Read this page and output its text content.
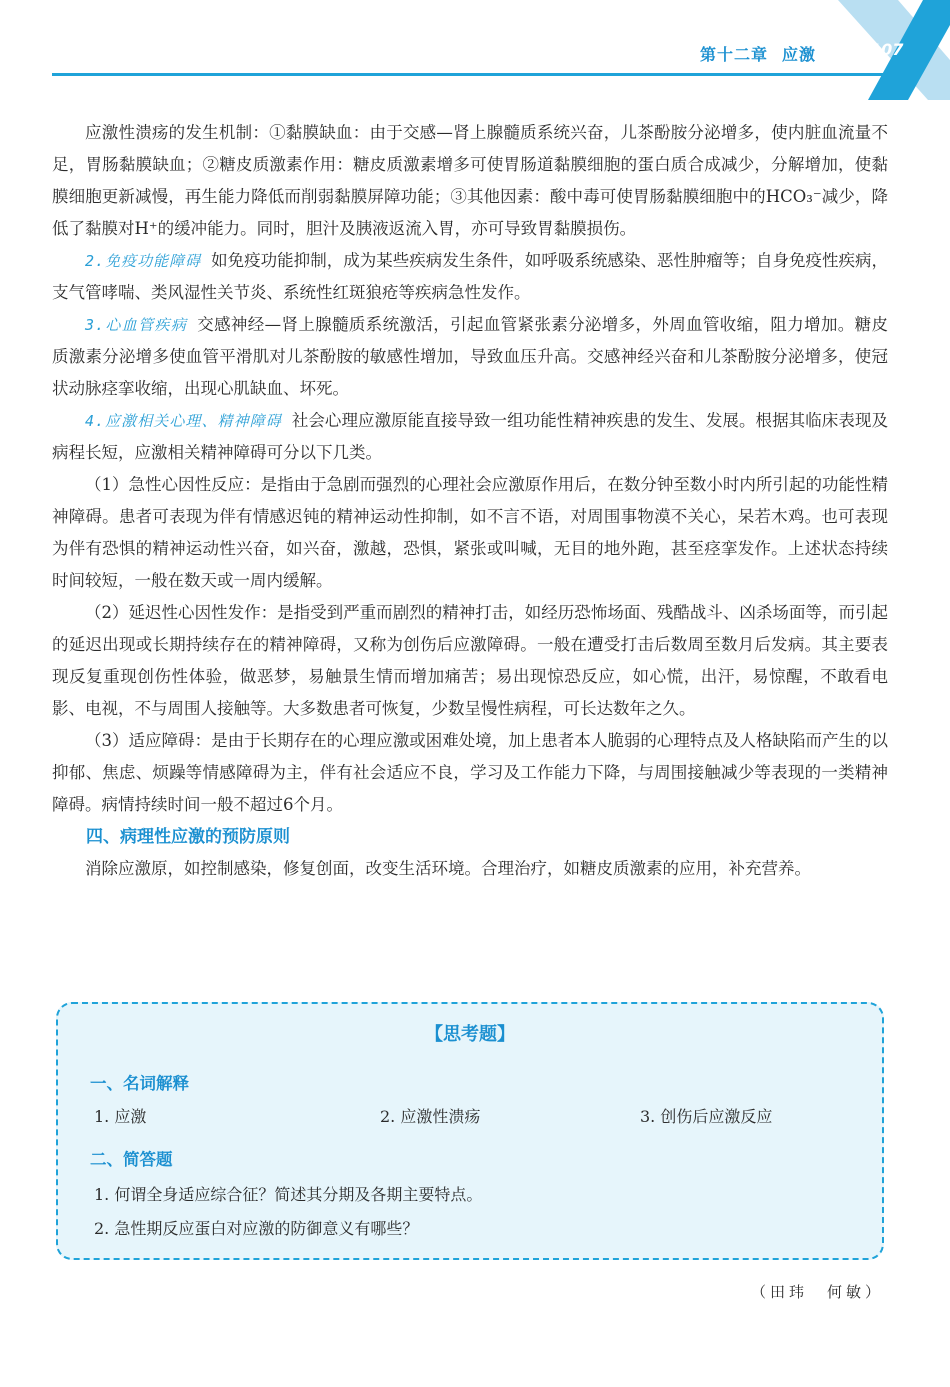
第十二章 应激	107

应激性溃疡的发生机制：①黏膜缺血：由于交感—肾上腺髓质系统兴奋，儿茶酚胺分泌增多，使内脏血流量不足，胃肠黏膜缺血；②糖皮质激素作用：糖皮质激素增多可使胃肠道黏膜细胞的蛋白质合成减少，分解增加，使黏膜细胞更新减慢，再生能力降低而削弱黏膜屏障功能；③其他因素：酸中毒可使胃肠黏膜细胞中的HCO₃⁻减少，降低了黏膜对H⁺的缓冲能力。同时，胆汁及胰液返流入胃，亦可导致胃黏膜损伤。

2.免疫功能障碍 如免疫功能抑制，成为某些疾病发生条件，如呼吸系统感染、恶性肿瘤等；自身免疫性疾病，支气管哮喘、类风湿性关节炎、系统性红斑狼疮等疾病急性发作。

3.心血管疾病 交感神经—肾上腺髓质系统激活，引起血管紧张素分泌增多，外周血管收缩，阻力增加。糖皮质激素分泌增多使血管平滑肌对儿茶酚胺的敏感性增加，导致血压升高。交感神经兴奋和儿茶酚胺分泌增多，使冠状动脉痉挛收缩，出现心肌缺血、坏死。

4.应激相关心理、精神障碍 社会心理应激原能直接导致一组功能性精神疾患的发生、发展。根据其临床表现及病程长短，应激相关精神障碍可分以下几类。

（1）急性心因性反应：是指由于急剧而强烈的心理社会应激原作用后，在数分钟至数小时内所引起的功能性精神障碍。患者可表现为伴有情感迟钝的精神运动性抑制，如不言不语，对周围事物漠不关心，呆若木鸡。也可表现为伴有恐惧的精神运动性兴奋，如兴奋，激越，恐惧，紧张或叫喊，无目的地外跑，甚至痉挛发作。上述状态持续时间较短，一般在数天或一周内缓解。

（2）延迟性心因性发作：是指受到严重而剧烈的精神打击，如经历恐怖场面、残酷战斗、凶杀场面等，而引起的延迟出现或长期持续存在的精神障碍，又称为创伤后应激障碍。一般在遭受打击后数周至数月后发病。其主要表现反复重现创伤性体验，做恶梦，易触景生情而增加痛苦；易出现惊恐反应，如心慌，出汗，易惊醒，不敢看电影、电视，不与周围人接触等。大多数患者可恢复，少数呈慢性病程，可长达数年之久。

（3）适应障碍：是由于长期存在的心理应激或困难处境，加上患者本人脆弱的心理特点及人格缺陷而产生的以抑郁、焦虑、烦躁等情感障碍为主，伴有社会适应不良，学习及工作能力下降，与周围接触减少等表现的一类精神障碍。病情持续时间一般不超过6个月。

四、病理性应激的预防原则

消除应激原，如控制感染，修复创面，改变生活环境。合理治疗，如糖皮质激素的应用，补充营养。

【思考题】
一、名词解释
1. 应激	2. 应激性溃疡	3. 创伤后应激反应
二、简答题
1. 何谓全身适应综合征？简述其分期及各期主要特点。
2. 急性期反应蛋白对应激的防御意义有哪些？
（田玮　何敏）
